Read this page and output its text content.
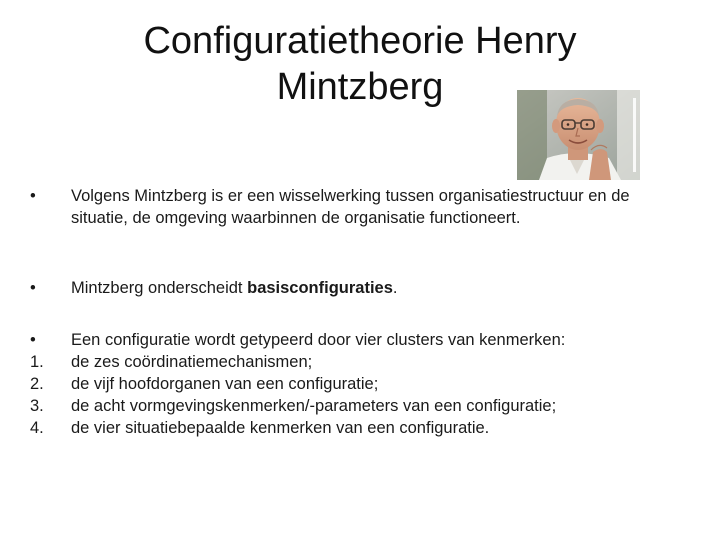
Configuratietheorie Henry
Mintzberg
•	Volgens Mintzberg is er een wisselwerking tussen organisatiestructuur en de situatie, de omgeving waarbinnen de organisatie functioneert.
•	Mintzberg onderscheidt basisconfiguraties.
•	Een configuratie wordt getypeerd door vier clusters van kenmerken:
1.	de zes coördinatiemechanismen;
2.	de vijf hoofdorganen van een configuratie;
3.	de acht vormgevingskenmerken/-parameters van een configuratie;
4.	de vier situatiebepaalde kenmerken van een configuratie.
